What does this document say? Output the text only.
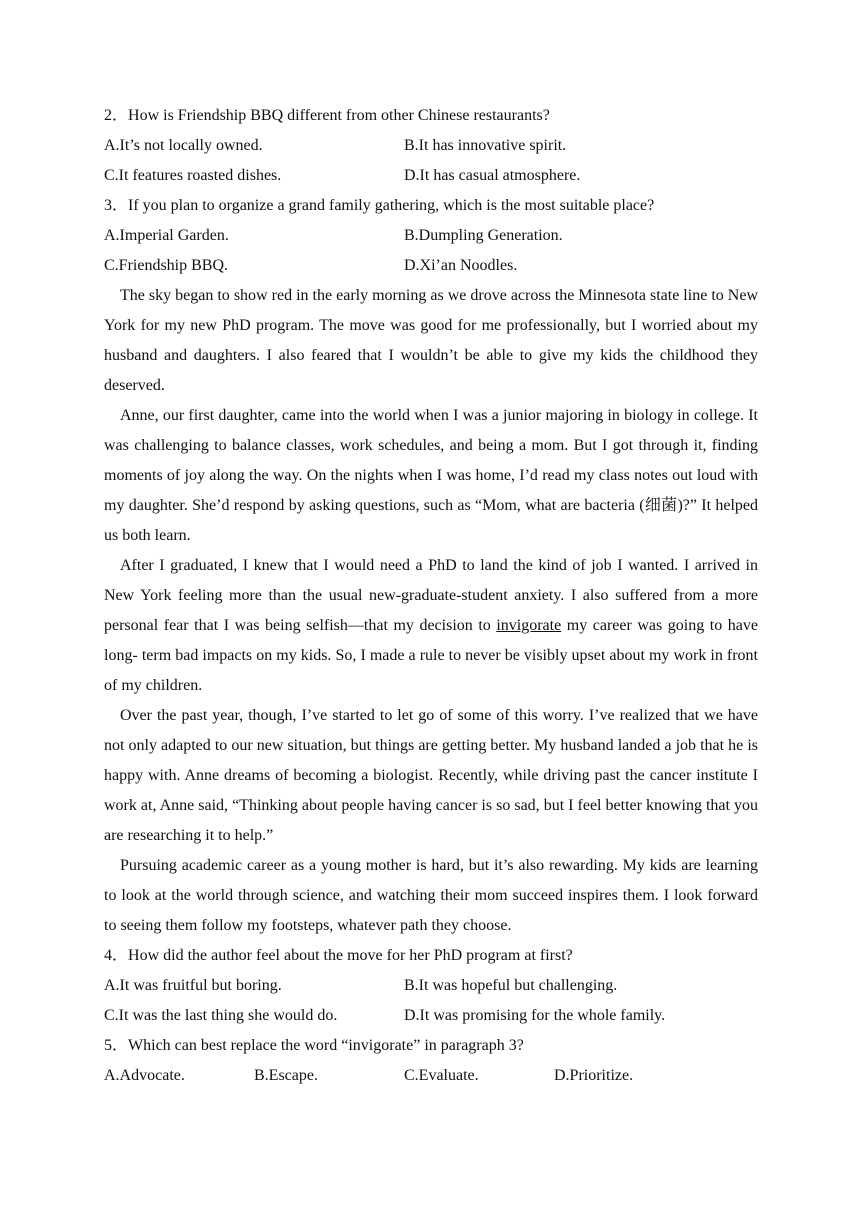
2．How is Friendship BBQ different from other Chinese restaurants?
A.It’s not locally owned.	B.It has innovative spirit.
C.It features roasted dishes.	D.It has casual atmosphere.
3．If you plan to organize a grand family gathering, which is the most suitable place?
A.Imperial Garden.	B.Dumpling Generation.
C.Friendship BBQ.	D.Xi’an Noodles.

The sky began to show red in the early morning as we drove across the Minnesota state line to New York for my new PhD program. The move was good for me professionally, but I worried about my husband and daughters. I also feared that I wouldn’t be able to give my kids the childhood they deserved.

Anne, our first daughter, came into the world when I was a junior majoring in biology in college. It was challenging to balance classes, work schedules, and being a mom. But I got through it, finding moments of joy along the way. On the nights when I was home, I’d read my class notes out loud with my daughter. She’d respond by asking questions, such as “Mom, what are bacteria (细菌)?” It helped us both learn.

After I graduated, I knew that I would need a PhD to land the kind of job I wanted. I arrived in New York feeling more than the usual new-graduate-student anxiety. I also suffered from a more personal fear that I was being selfish—that my decision to invigorate my career was going to have long- term bad impacts on my kids. So, I made a rule to never be visibly upset about my work in front of my children.

Over the past year, though, I’ve started to let go of some of this worry. I’ve realized that we have not only adapted to our new situation, but things are getting better. My husband landed a job that he is happy with. Anne dreams of becoming a biologist. Recently, while driving past the cancer institute I work at, Anne said, “Thinking about people having cancer is so sad, but I feel better knowing that you are researching it to help.”

Pursuing academic career as a young mother is hard, but it’s also rewarding. My kids are learning to look at the world through science, and watching their mom succeed inspires them. I look forward to seeing them follow my footsteps, whatever path they choose.

4．How did the author feel about the move for her PhD program at first?
A.It was fruitful but boring.	B.It was hopeful but challenging.
C.It was the last thing she would do.	D.It was promising for the whole family.
5．Which can best replace the word “invigorate” in paragraph 3?
A.Advocate.	B.Escape.	C.Evaluate.	D.Prioritize.
